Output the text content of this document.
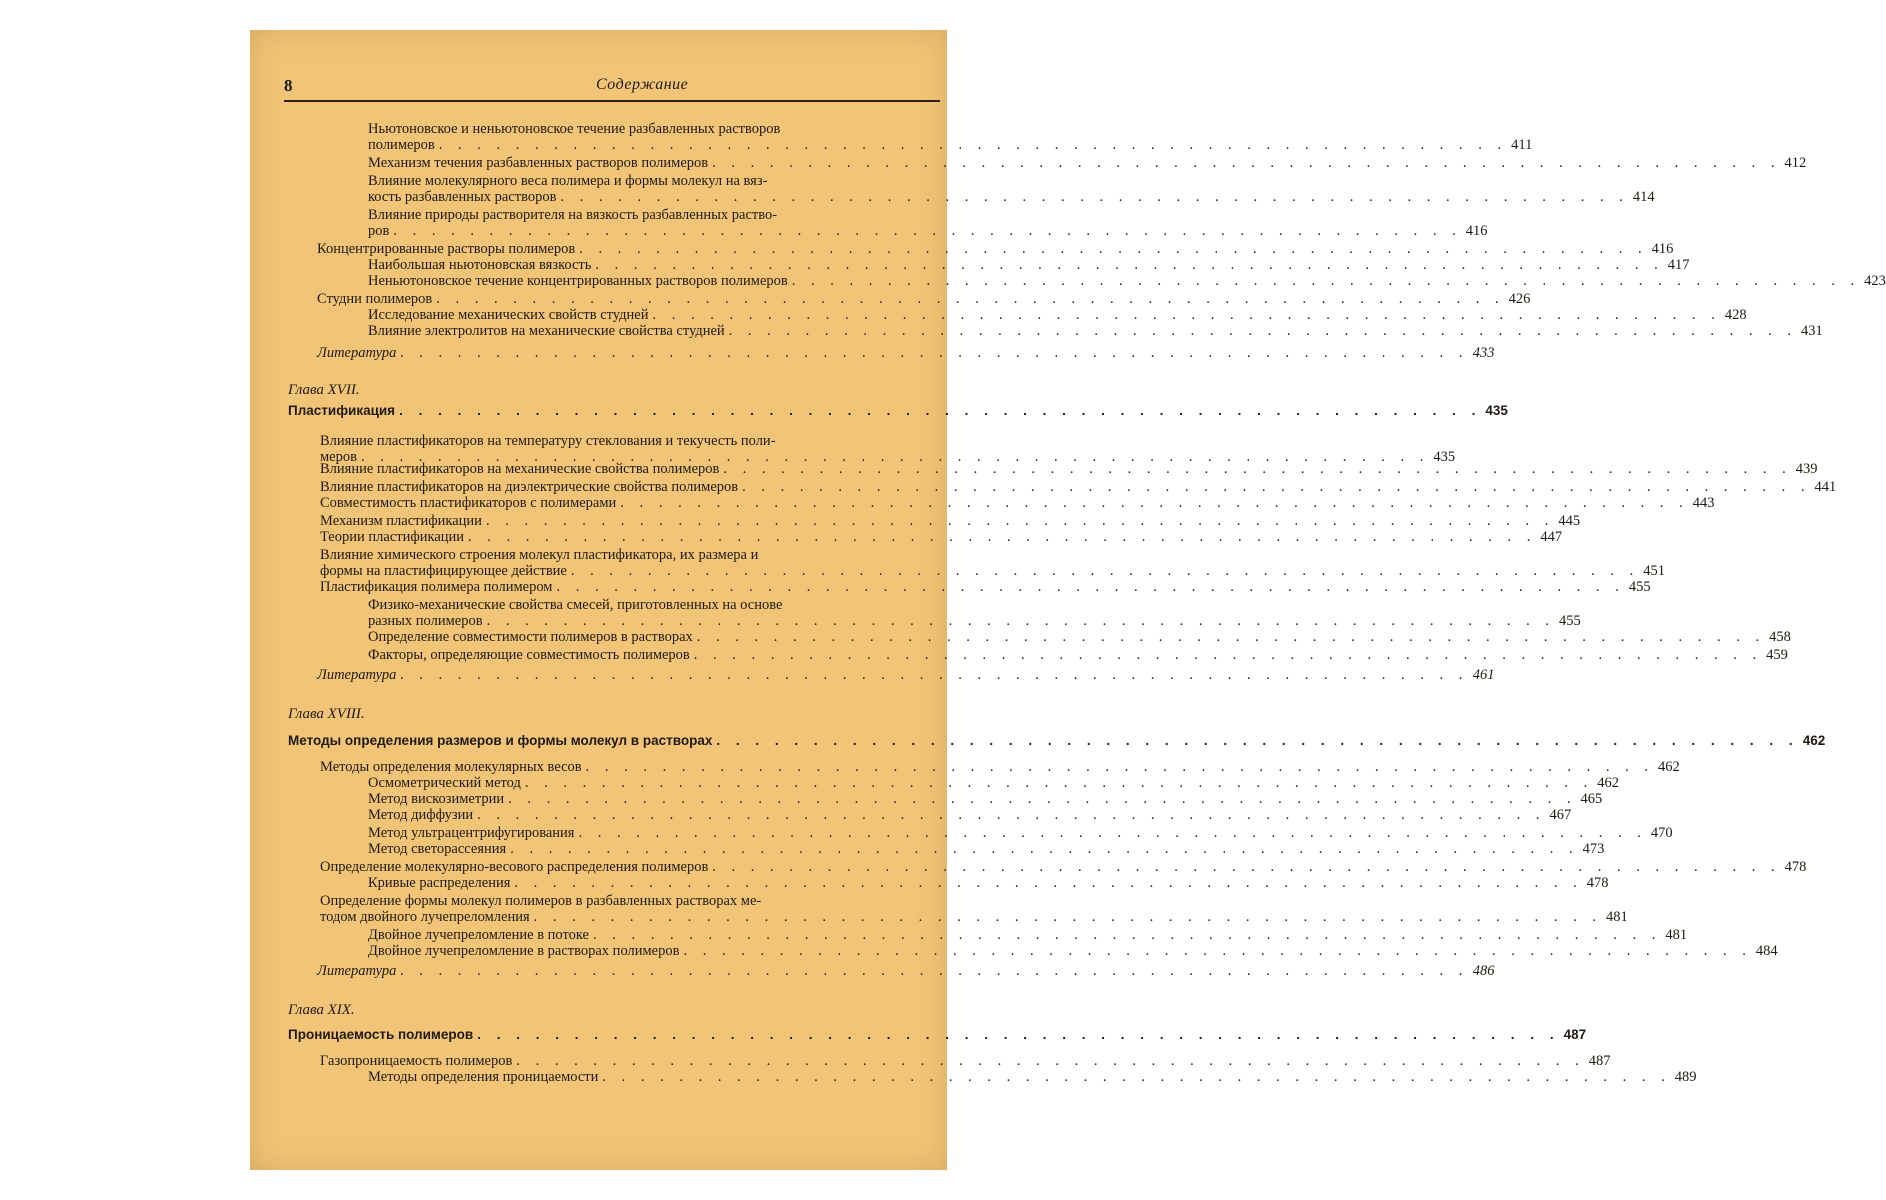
8	Содержание
Ньютоновское и неньютоновское течение разбавленных растворов
полимеров . . . . . . . . . . . . . . . . . . . . . . . . . . . . . . . . . . . . . . . . . . . . . . . . . . . . . . . . 411
Механизм течения разбавленных растворов полимеров . . . . . . . . . . . . . . . . . . . . . . . . . . . . . . . . . . . . . . . . . . . . . . . . . . . . . . . . 412
Влияние молекулярного веса полимера и формы молекул на вяз-
кость разбавленных растворов . . . . . . . . . . . . . . . . . . . . . . . . . . . . . . . . . . . . . . . . . . . . . . . . . . . . . . . . 414
Влияние природы растворителя на вязкость разбавленных раство-
ров . . . . . . . . . . . . . . . . . . . . . . . . . . . . . . . . . . . . . . . . . . . . . . . . . . . . . . . . 416
Концентрированные растворы полимеров . . . . . . . . . . . . . . . . . . . . . . . . . . . . . . . . . . . . . . . . . . . . . . . . . . . . . . . . 416
Наибольшая ньютоновская вязкость . . . . . . . . . . . . . . . . . . . . . . . . . . . . . . . . . . . . . . . . . . . . . . . . . . . . . . . . 417
Неньютоновское течение концентрированных растворов полимеров . . . . . . . . . . . . . . . . . . . . . . . . . . . . . . . . . . . . . . . . . . . . . . . . . . . . . . . . 423
Студни полимеров . . . . . . . . . . . . . . . . . . . . . . . . . . . . . . . . . . . . . . . . . . . . . . . . . . . . . . . . 426
Исследование механических свойств студней . . . . . . . . . . . . . . . . . . . . . . . . . . . . . . . . . . . . . . . . . . . . . . . . . . . . . . . . 428
Влияние электролитов на механические свойства студней . . . . . . . . . . . . . . . . . . . . . . . . . . . . . . . . . . . . . . . . . . . . . . . . . . . . . . . . 431
Литература . . . . . . . . . . . . . . . . . . . . . . . . . . . . . . . . . . . . . . . . . . . . . . . . . . . . . . . . 433
Глава XVII.
Пластификация . . . . . . . . . . . . . . . . . . . . . . . . . . . . . . . . . . . . . . . . . . . . . . . . . . . . . . . . 435
Влияние пластификаторов на температуру стеклования и текучесть поли-
меров . . . . . . . . . . . . . . . . . . . . . . . . . . . . . . . . . . . . . . . . . . . . . . . . . . . . . . . . 435
Влияние пластификаторов на механические свойства полимеров . . . . . . . . . . . . . . . . . . . . . . . . . . . . . . . . . . . . . . . . . . . . . . . . . . . . . . . . 439
Влияние пластификаторов на диэлектрические свойства полимеров . . . . . . . . . . . . . . . . . . . . . . . . . . . . . . . . . . . . . . . . . . . . . . . . . . . . . . . . 441
Совместимость пластификаторов с полимерами . . . . . . . . . . . . . . . . . . . . . . . . . . . . . . . . . . . . . . . . . . . . . . . . . . . . . . . . 443
Механизм пластификации . . . . . . . . . . . . . . . . . . . . . . . . . . . . . . . . . . . . . . . . . . . . . . . . . . . . . . . . 445
Теории пластификации . . . . . . . . . . . . . . . . . . . . . . . . . . . . . . . . . . . . . . . . . . . . . . . . . . . . . . . . 447
Влияние химического строения молекул пластификатора, их размера и
формы на пластифицирующее действие . . . . . . . . . . . . . . . . . . . . . . . . . . . . . . . . . . . . . . . . . . . . . . . . . . . . . . . . 451
Пластификация полимера полимером . . . . . . . . . . . . . . . . . . . . . . . . . . . . . . . . . . . . . . . . . . . . . . . . . . . . . . . . 455
Физико-механические свойства смесей, приготовленных на основе
разных полимеров . . . . . . . . . . . . . . . . . . . . . . . . . . . . . . . . . . . . . . . . . . . . . . . . . . . . . . . . 455
Определение совместимости полимеров в растворах . . . . . . . . . . . . . . . . . . . . . . . . . . . . . . . . . . . . . . . . . . . . . . . . . . . . . . . . 458
Факторы, определяющие совместимость полимеров . . . . . . . . . . . . . . . . . . . . . . . . . . . . . . . . . . . . . . . . . . . . . . . . . . . . . . . . 459
Литература . . . . . . . . . . . . . . . . . . . . . . . . . . . . . . . . . . . . . . . . . . . . . . . . . . . . . . . . 461
Глава XVIII.
Методы определения размеров и формы молекул в растворах . . . . . . . . . . . . . . . . . . . . . . . . . . . . . . . . . . . . . . . . . . . . . . . . . . . . . . . . 462
Методы определения молекулярных весов . . . . . . . . . . . . . . . . . . . . . . . . . . . . . . . . . . . . . . . . . . . . . . . . . . . . . . . . 462
Осмометрический метод . . . . . . . . . . . . . . . . . . . . . . . . . . . . . . . . . . . . . . . . . . . . . . . . . . . . . . . . 462
Метод вискозиметрии . . . . . . . . . . . . . . . . . . . . . . . . . . . . . . . . . . . . . . . . . . . . . . . . . . . . . . . . 465
Метод диффузии . . . . . . . . . . . . . . . . . . . . . . . . . . . . . . . . . . . . . . . . . . . . . . . . . . . . . . . . 467
Метод ультрацентрифугирования . . . . . . . . . . . . . . . . . . . . . . . . . . . . . . . . . . . . . . . . . . . . . . . . . . . . . . . . 470
Метод светорассеяния . . . . . . . . . . . . . . . . . . . . . . . . . . . . . . . . . . . . . . . . . . . . . . . . . . . . . . . . 473
Определение молекулярно-весового распределения полимеров . . . . . . . . . . . . . . . . . . . . . . . . . . . . . . . . . . . . . . . . . . . . . . . . . . . . . . . . 478
Кривые распределения . . . . . . . . . . . . . . . . . . . . . . . . . . . . . . . . . . . . . . . . . . . . . . . . . . . . . . . . 478
Определение формы молекул полимеров в разбавленных растворах ме-
тодом двойного лучепреломления . . . . . . . . . . . . . . . . . . . . . . . . . . . . . . . . . . . . . . . . . . . . . . . . . . . . . . . . 481
Двойное лучепреломление в потоке . . . . . . . . . . . . . . . . . . . . . . . . . . . . . . . . . . . . . . . . . . . . . . . . . . . . . . . . 481
Двойное лучепреломление в растворах полимеров . . . . . . . . . . . . . . . . . . . . . . . . . . . . . . . . . . . . . . . . . . . . . . . . . . . . . . . . 484
Литература . . . . . . . . . . . . . . . . . . . . . . . . . . . . . . . . . . . . . . . . . . . . . . . . . . . . . . . . 486
Глава XIX.
Проницаемость полимеров . . . . . . . . . . . . . . . . . . . . . . . . . . . . . . . . . . . . . . . . . . . . . . . . . . . . . . . . 487
Газопроницаемость полимеров . . . . . . . . . . . . . . . . . . . . . . . . . . . . . . . . . . . . . . . . . . . . . . . . . . . . . . . . 487
Методы определения проницаемости . . . . . . . . . . . . . . . . . . . . . . . . . . . . . . . . . . . . . . . . . . . . . . . . . . . . . . . . 489
